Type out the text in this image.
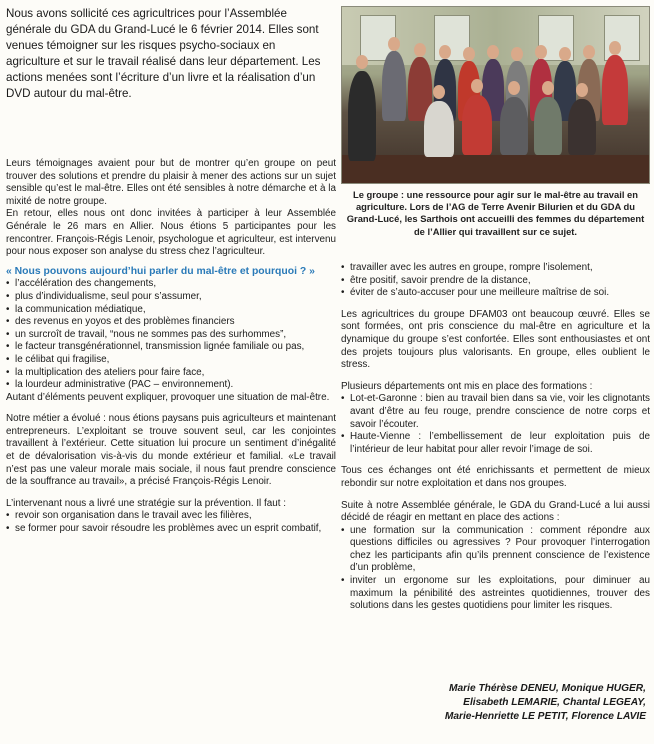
Nous avons sollicité ces agricultrices pour l’Assemblée générale du GDA du Grand-Lucé le 6 février 2014. Elles sont venues témoigner sur les risques psycho-sociaux en agriculture et sur le travail réalisé dans leur département. Les actions menées sont l’écriture d’un livre et la réalisation d’un DVD autour du mal-être.
Le groupe : une ressource pour agir sur le mal-être au travail en agriculture. Lors de l’AG de Terre Avenir Bilurien et du GDA du Grand-Lucé, les Sarthois ont accueilli des femmes du département de l’Allier qui travaillent sur ce sujet.

Leurs témoignages avaient pour but de montrer qu’en groupe on peut trouver des solutions et prendre du plaisir à mener des actions sur un sujet sensible qu’est le mal-être. Elles ont été sensibles à notre démarche et à la mixité de notre groupe.

En retour, elles nous ont donc invitées à participer à leur Assemblée Générale le 26 mars en Allier. Nous étions 5 participantes pour les rencontrer. François-Régis Lenoir, psychologue et agriculteur, est intervenu pour nous exposer son analyse du stress chez l’agriculteur.

« Nous pouvons aujourd’hui parler du mal-être et pourquoi ? »

• l’accélération des changements,
• plus d’individualisme, seul pour s’assumer,
• la communication médiatique,
• des revenus en yoyos et des problèmes financiers
• un surcroît de travail, “nous ne sommes pas des surhommes”,
• le facteur transgénérationnel, transmission lignée familiale ou pas,
• le célibat qui fragilise,
• la multiplication des ateliers pour faire face,
• la lourdeur administrative (PAC – environnement).

Autant d’éléments peuvent expliquer, provoquer une situation de mal-être.

Notre métier a évolué : nous étions paysans puis agriculteurs et maintenant entrepreneurs. L’exploitant se trouve souvent seul, car les conjointes travaillent à l’extérieur. Cette situation lui procure un sentiment d’inégalité et de dévalorisation vis-à-vis du monde extérieur et familial. «Le travail n’est pas une valeur morale mais sociale, il nous faut prendre conscience de la souffrance au travail», a précisé François-Régis Lenoir.

L’intervenant nous a livré une stratégie sur la prévention. Il faut :

• revoir son organisation dans le travail avec les filières,
• se former pour savoir résoudre les problèmes avec un esprit combatif,
• travailler avec les autres en groupe, rompre l’isolement,
• être positif, savoir prendre de la distance,
• éviter de s’auto-accuser pour une meilleure maîtrise de soi.

Les agricultrices du groupe DFAM03 ont beaucoup œuvré. Elles se sont formées, ont pris conscience du mal-être en agriculture et la dynamique du groupe s’est confortée. Elles sont enthousiastes et ont des projets toujours plus valorisants. En groupe, elles oublient le stress.

Plusieurs départements ont mis en place des formations :

• Lot-et-Garonne : bien au travail bien dans sa vie, voir les clignotants avant d’être au feu rouge, prendre conscience de notre corps et savoir l’écouter.
• Haute-Vienne : l’embellissement de leur exploitation puis de l’intérieur de leur habitat pour aller revoir l’image de soi.

Tous ces échanges ont été enrichissants et permettent de mieux rebondir sur notre exploitation et dans nos groupes.

Suite à notre Assemblée générale, le GDA du Grand-Lucé a lui aussi décidé de réagir en mettant en place des actions :

• une formation sur la communication : comment répondre aux questions difficiles ou agressives ? Pour provoquer l’interrogation chez les participants afin qu’ils prennent conscience de l’existence d’un problème,
• inviter un ergonome sur les exploitations, pour diminuer au maximum la pénibilité des astreintes quotidiennes, trouver des solutions dans les gestes quotidiens pour limiter les risques.
Marie Thérèse DENEU, Monique HUGER,
Elisabeth LEMARIE, Chantal LEGEAY,
Marie-Henriette LE PETIT, Florence LAVIE
